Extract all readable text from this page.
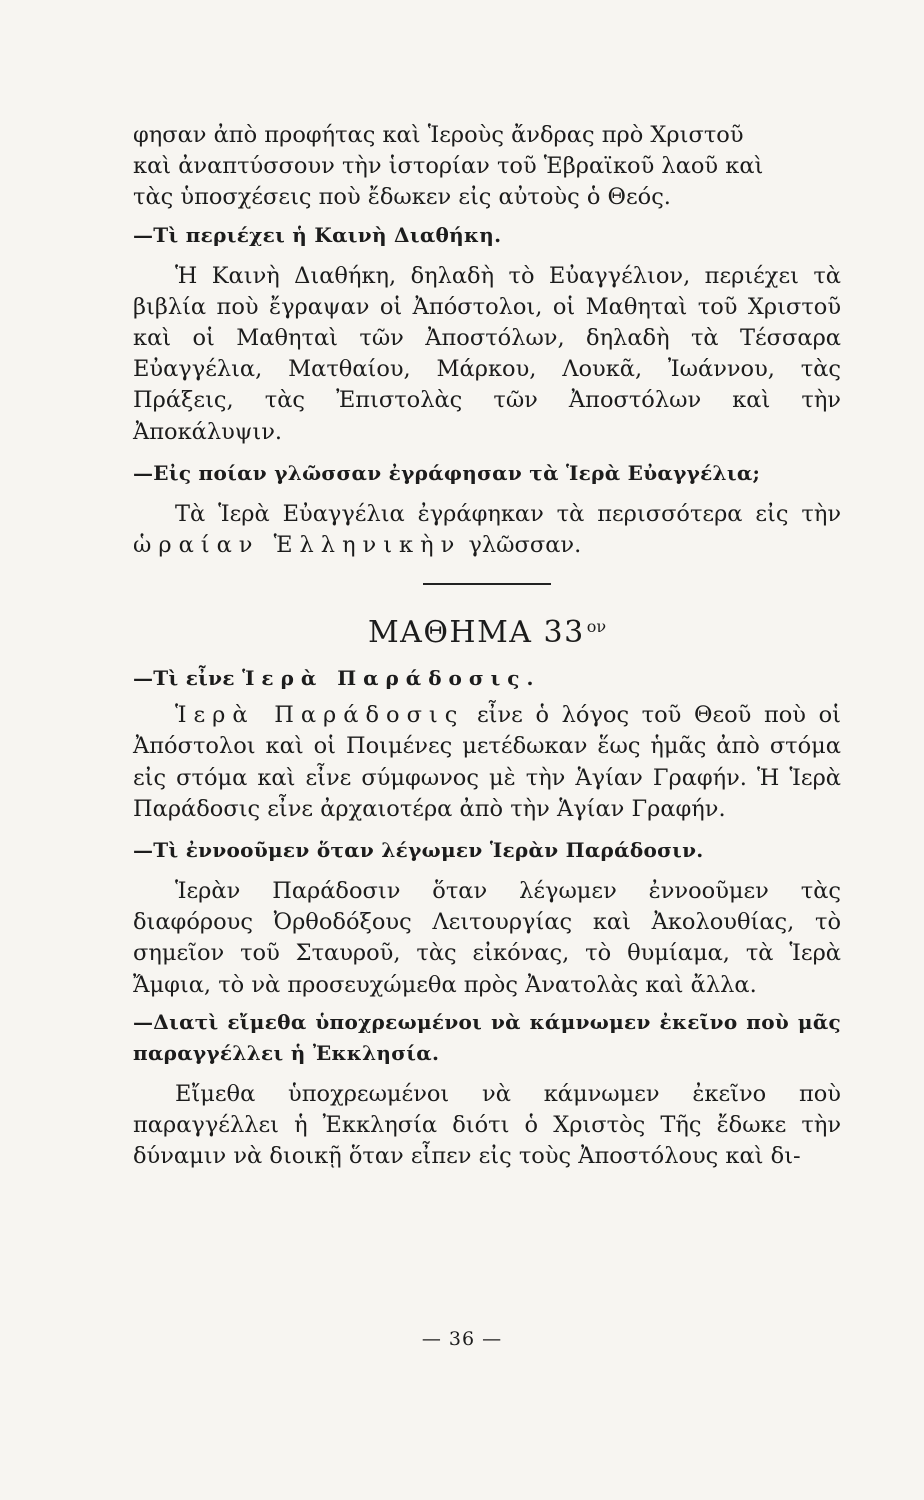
φησαν ἀπὸ προφήτας καὶ Ἱεροὺς ἄνδρας πρὸ Χριστοῦ

καὶ ἀναπτύσσουν τὴν ἱστορίαν τοῦ Ἑβραϊκοῦ λαοῦ καὶ

τὰς ὑποσχέσεις ποὺ ἔδωκεν εἰς αὐτοὺς ὁ Θεός.

—Τὶ περιέχει ἡ Καινὴ Διαθήκη.

Ἡ Καινὴ Διαθήκη, δηλαδὴ τὸ Εὐαγγέλιον, περιέχει τὰ βιβλία ποὺ ἔγραψαν οἱ Ἀπόστολοι, οἱ Μαθηταὶ τοῦ Χριστοῦ καὶ οἱ Μαθηταὶ τῶν Ἀποστόλων, δηλαδὴ τὰ Τέσσαρα Εὐαγγέλια, Ματθαίου, Μάρκου, Λουκᾶ, Ἰωάννου, τὰς Πράξεις, τὰς Ἐπιστολὰς τῶν Ἀποστόλων καὶ τὴν Ἀποκάλυψιν.

—Εἰς ποίαν γλῶσσαν ἐγράφησαν τὰ Ἱερὰ Εὐαγγέλια;

Τὰ Ἱερὰ Εὐαγγέλια ἐγράφηκαν τὰ περισσότερα εἰς τὴν ὡραίαν Ἑλληνικὴν γλῶσσαν.

ΜΑΘΗΜΑ 33 $^{o\nu}$
—Τὶ εἶνε Ἱερὰ Παράδοσις.

Ἱερὰ Παράδοσις εἶνε ὁ λόγος τοῦ Θεοῦ ποὺ οἱ Ἀπόστολοι καὶ οἱ Ποιμένες μετέδωκαν ἕως ἡμᾶς ἀπὸ στόμα εἰς στόμα καὶ εἶνε σύμφωνος μὲ τὴν Ἁγίαν Γραφήν. Ἡ Ἱερὰ Παράδοσις εἶνε ἀρχαιοτέρα ἀπὸ τὴν Ἁγίαν Γραφήν.

—Τὶ ἐννοοῦμεν ὅταν λέγωμεν Ἱερὰν Παράδοσιν.

Ἱερὰν Παράδοσιν ὅταν λέγωμεν ἐννοοῦμεν τὰς διαφόρους Ὀρθοδόξους Λειτουργίας καὶ Ἀκολουθίας, τὸ σημεῖον τοῦ Σταυροῦ, τὰς εἰκόνας, τὸ θυμίαμα, τὰ Ἱερὰ Ἄμφια, τὸ νὰ προσευχώμεθα πρὸς Ἀνατολὰς καὶ ἄλλα.

—Διατὶ εἴμεθα ὑποχρεωμένοι νὰ κάμνωμεν ἐκεῖνο ποὺ μᾶς παραγγέλλει ἡ Ἐκκλησία.

Εἴμεθα ὑποχρεωμένοι νὰ κάμνωμεν ἐκεῖνο ποὺ παραγγέλλει ἡ Ἐκκλησία διότι ὁ Χριστὸς Τῆς ἔδωκε τὴν δύναμιν νὰ διοικῇ ὅταν εἶπεν εἰς τοὺς Ἀποστόλους καὶ δι-

— 36 —
